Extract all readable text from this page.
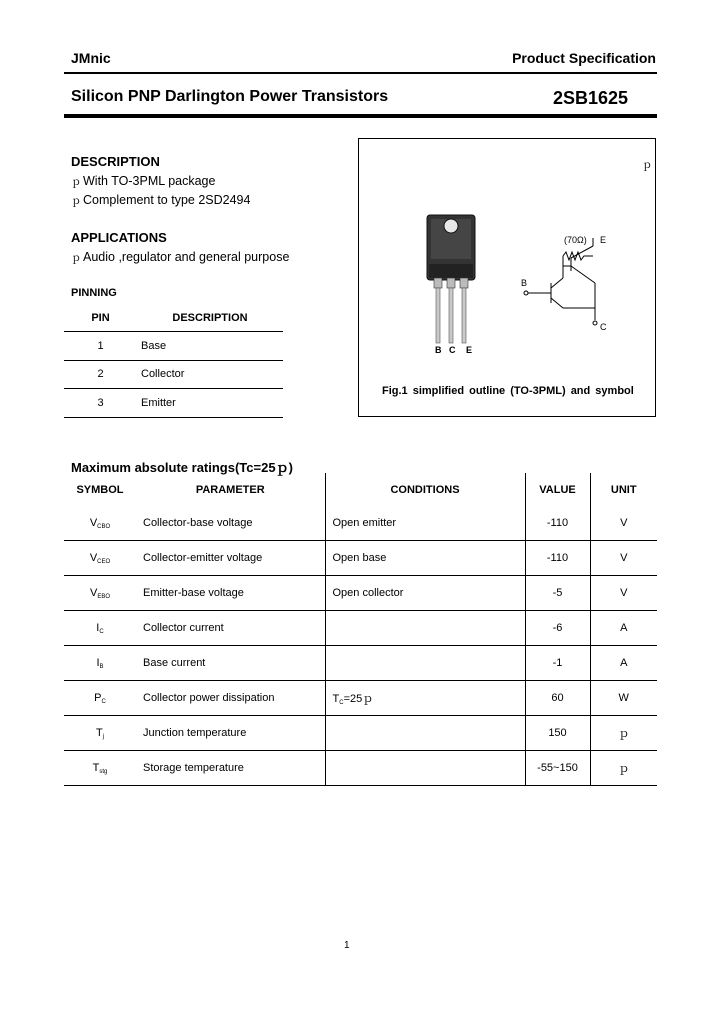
JMnic	Product Specification
Silicon PNP Darlington Power Transistors	2SB1625
DESCRIPTION
ｐ With TO-3PML package
ｐ Complement to type 2SD2494
APPLICATIONS
ｐ Audio ,regulator and general purpose
PINNING
PIN	DESCRIPTION
1	Base
2	Collector
3	Emitter
ｐ
B C E
(70Ω) E
B
C
Fig.1 simplified outline (TO-3PML) and symbol
Maximum absolute ratings(Tc=25ｐ)
SYMBOL	PARAMETER	CONDITIONS	VALUE	UNIT
$V_{CBO}$	Collector-base voltage	Open emitter	-110	V
$V_{CEO}$	Collector-emitter voltage	Open base	-110	V
$V_{EBO}$	Emitter-base voltage	Open collector	-5	V
$I_C$	Collector current		-6	A
$I_B$	Base current		-1	A
$P_C$	Collector power dissipation	$T_C=25p$	60	W
$T_j$	Junction temperature		150	ｐ
$T_{stg}$	Storage temperature		-55~150	ｐ
1
